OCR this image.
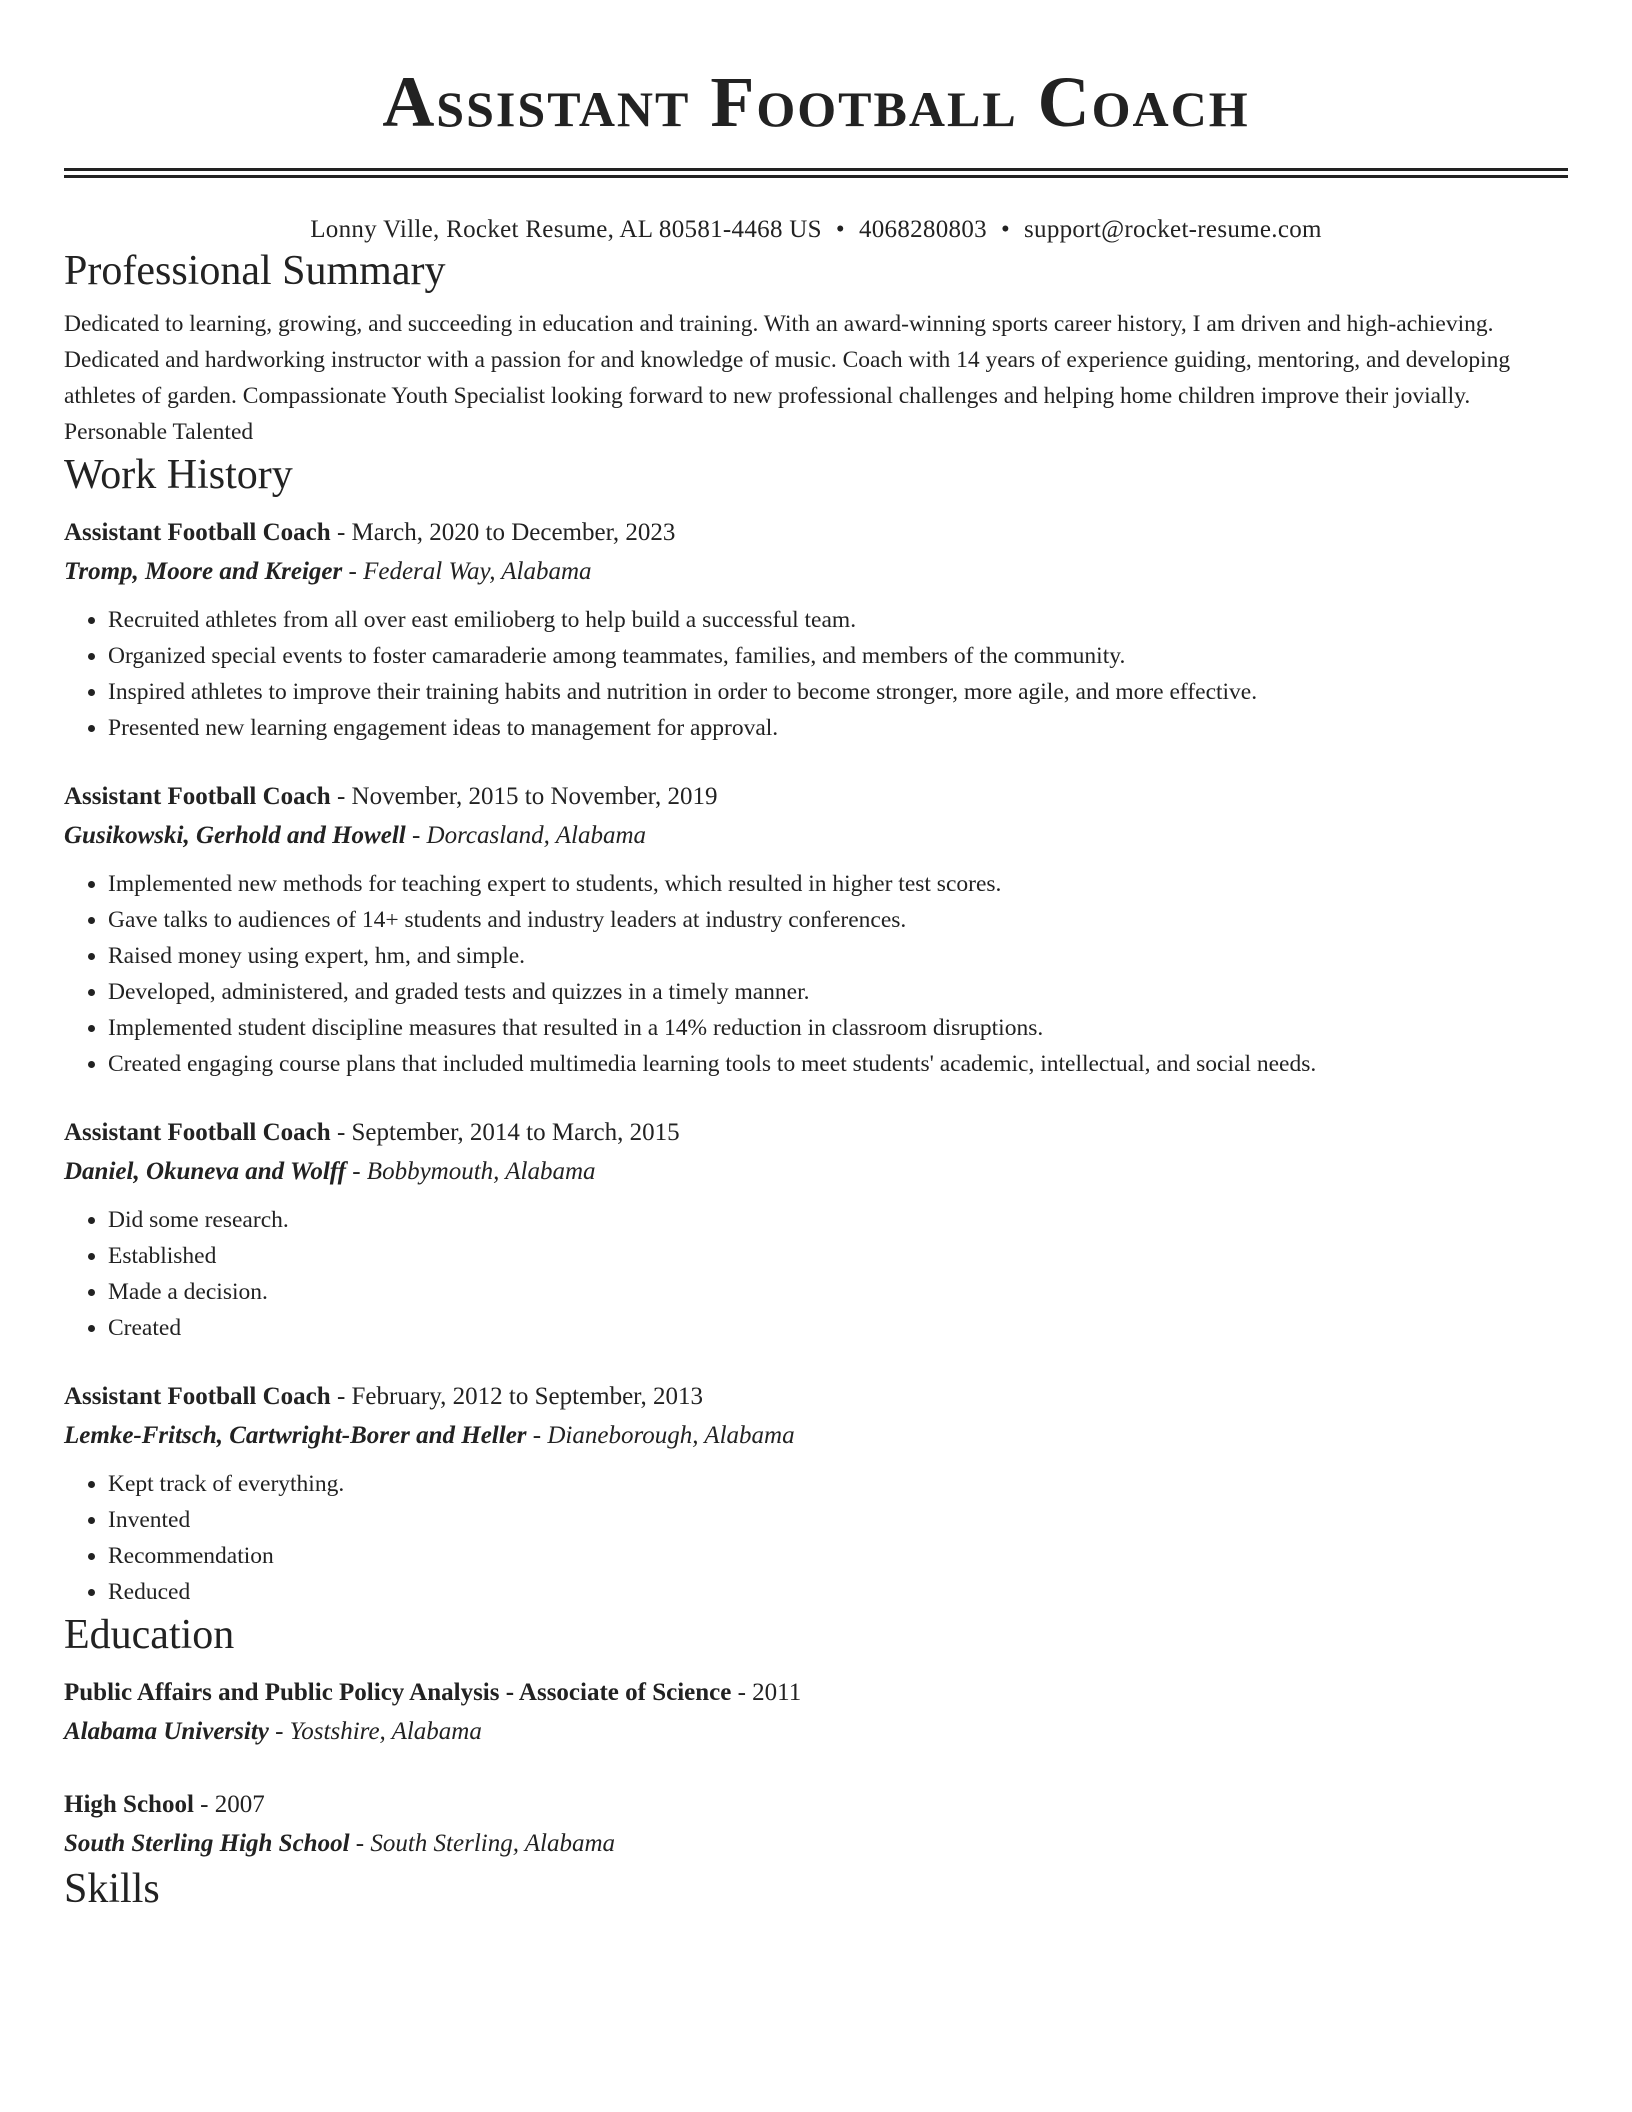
Assistant Football Coach
Lonny Ville, Rocket Resume, AL 80581-4468 US • 4068280803 • support@rocket-resume.com
Professional Summary
Dedicated to learning, growing, and succeeding in education and training. With an award-winning sports career history, I am driven and high-achieving. Dedicated and hardworking instructor with a passion for and knowledge of music. Coach with 14 years of experience guiding, mentoring, and developing athletes of garden. Compassionate Youth Specialist looking forward to new professional challenges and helping home children improve their jovially. Personable Talented
Work History
Assistant Football Coach - March, 2020 to December, 2023
Tromp, Moore and Kreiger - Federal Way, Alabama
• Recruited athletes from all over east emilioberg to help build a successful team.
• Organized special events to foster camaraderie among teammates, families, and members of the community.
• Inspired athletes to improve their training habits and nutrition in order to become stronger, more agile, and more effective.
• Presented new learning engagement ideas to management for approval.
Assistant Football Coach - November, 2015 to November, 2019
Gusikowski, Gerhold and Howell - Dorcasland, Alabama
• Implemented new methods for teaching expert to students, which resulted in higher test scores.
• Gave talks to audiences of 14+ students and industry leaders at industry conferences.
• Raised money using expert, hm, and simple.
• Developed, administered, and graded tests and quizzes in a timely manner.
• Implemented student discipline measures that resulted in a 14% reduction in classroom disruptions.
• Created engaging course plans that included multimedia learning tools to meet students' academic, intellectual, and social needs.
Assistant Football Coach - September, 2014 to March, 2015
Daniel, Okuneva and Wolff - Bobbymouth, Alabama
• Did some research.
• Established
• Made a decision.
• Created
Assistant Football Coach - February, 2012 to September, 2013
Lemke-Fritsch, Cartwright-Borer and Heller - Dianeborough, Alabama
• Kept track of everything.
• Invented
• Recommendation
• Reduced
Education
Public Affairs and Public Policy Analysis - Associate of Science - 2011
Alabama University - Yostshire, Alabama
High School - 2007
South Sterling High School - South Sterling, Alabama
Skills
